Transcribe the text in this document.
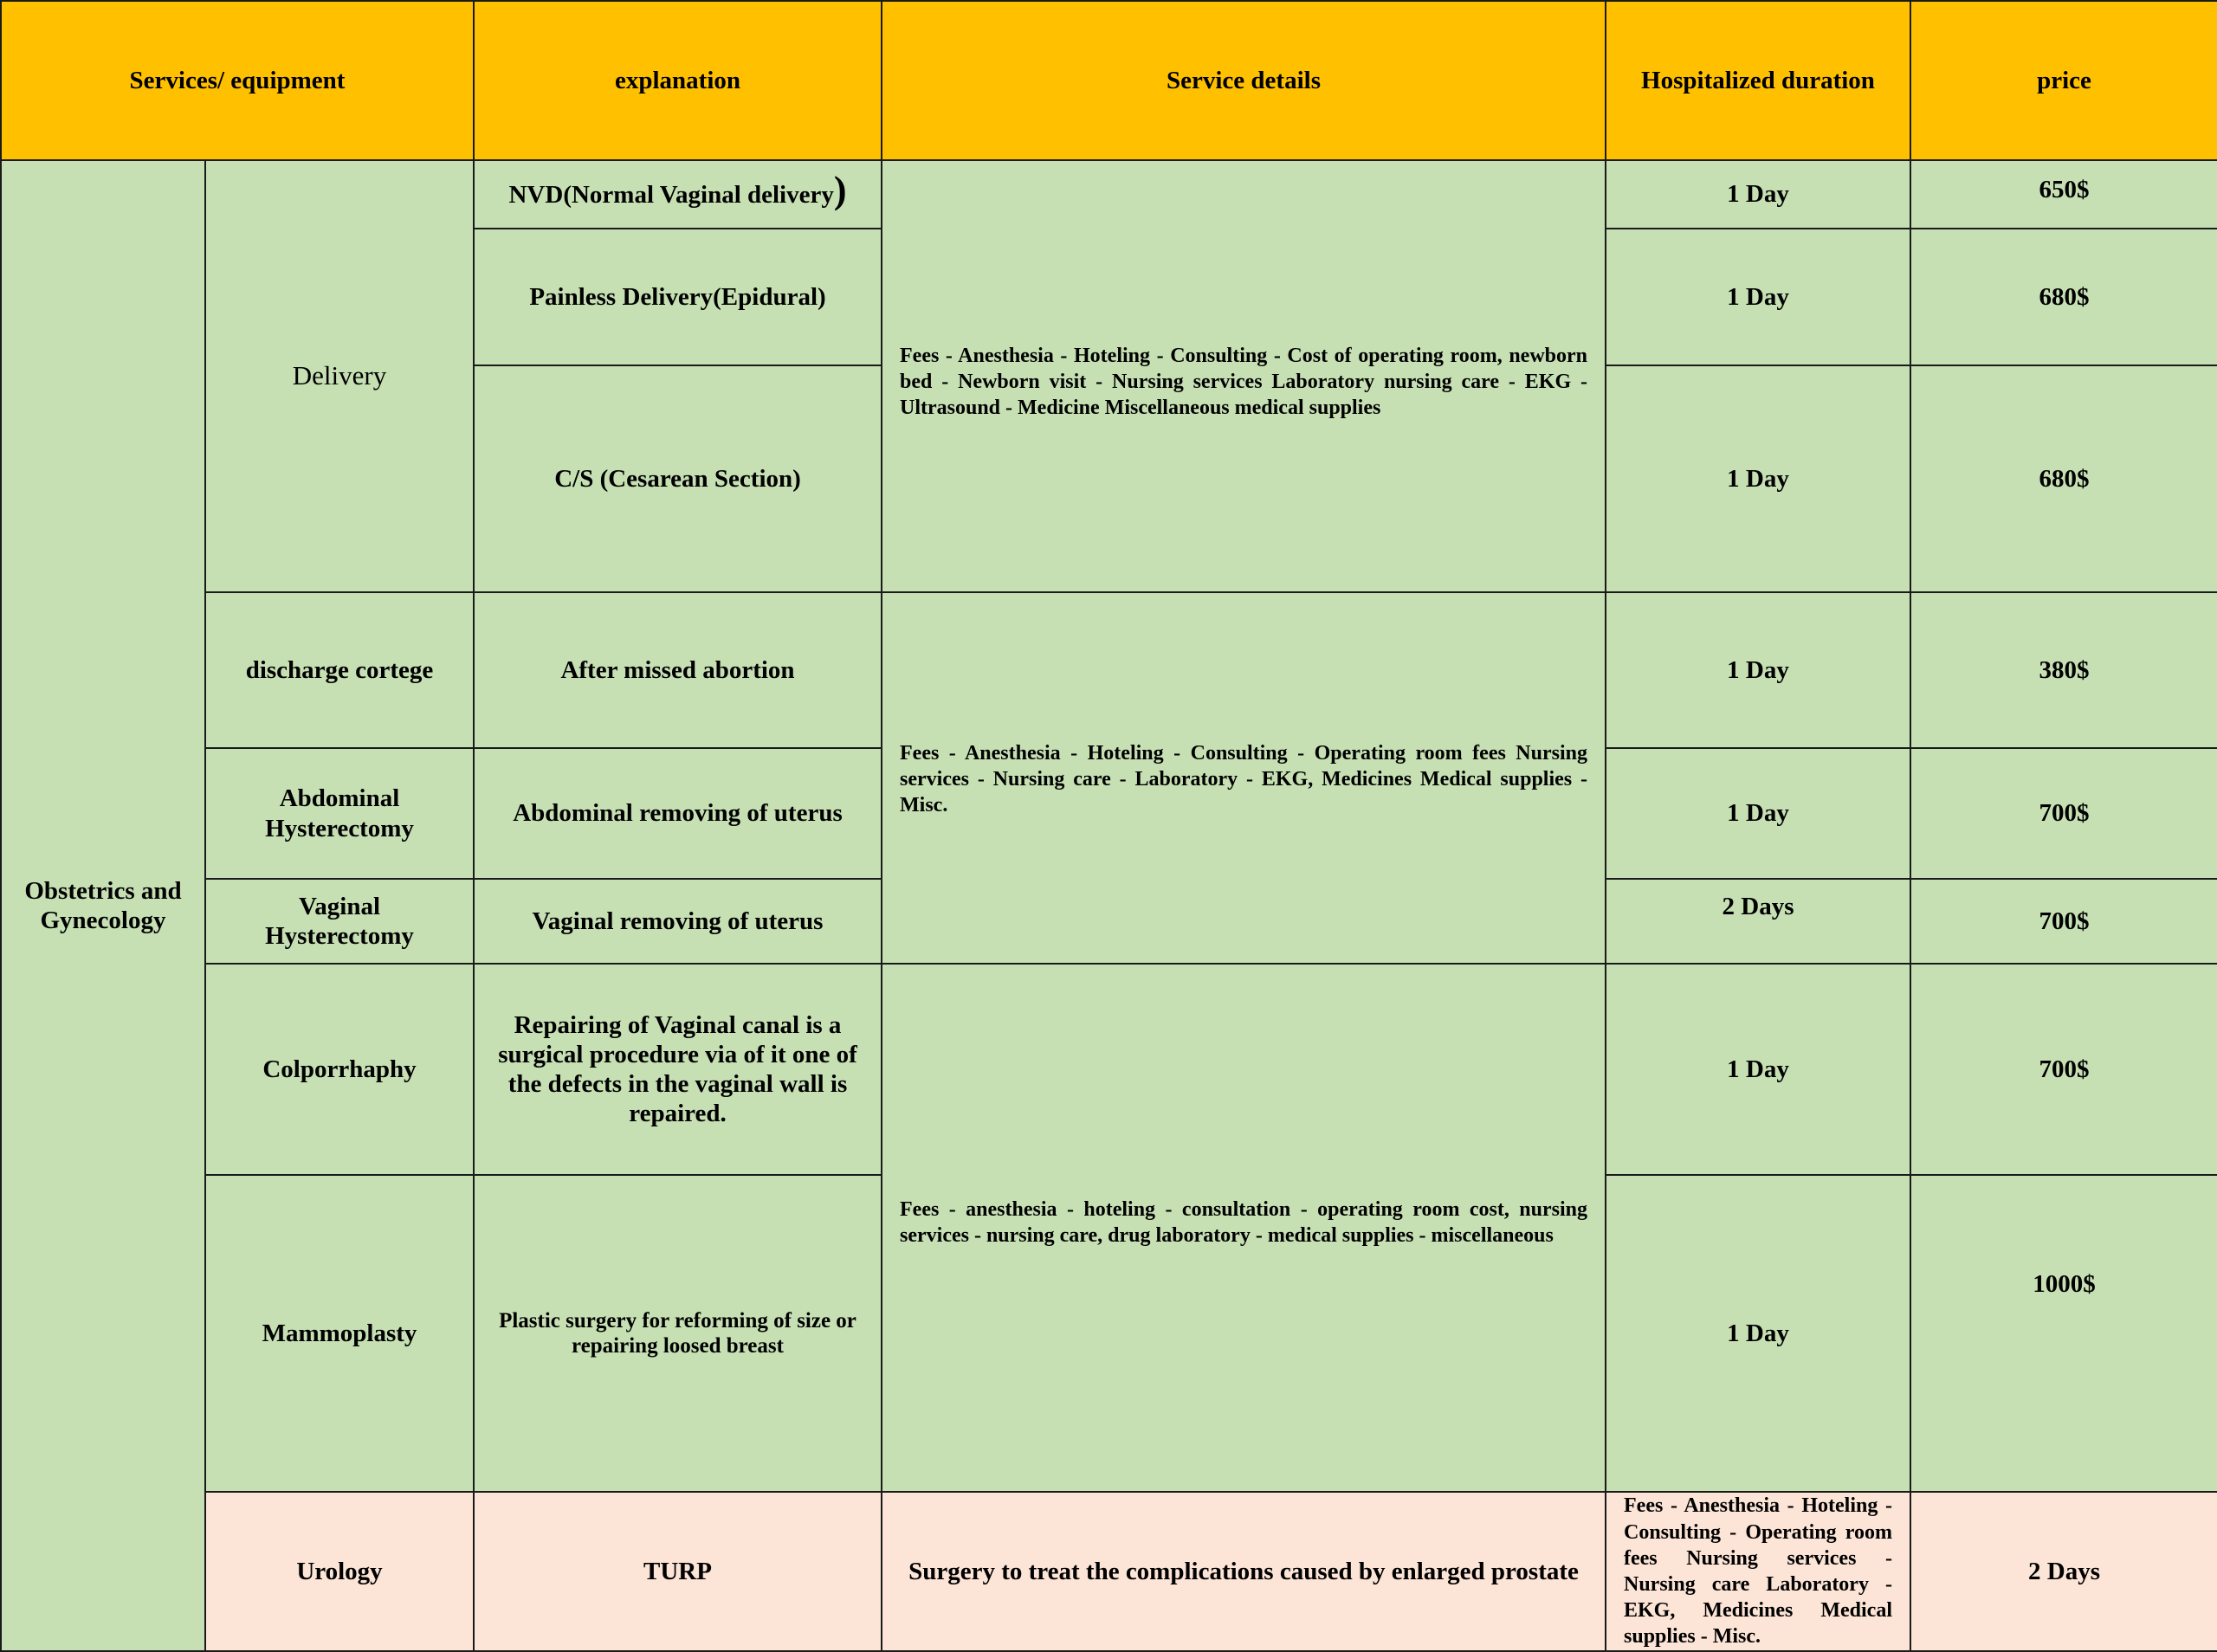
Services/ equipment		explanation	Service details	Hospitalized duration	price	
Obstetrics and Gynecology	Delivery	NVD(Normal Vaginal delivery)	Fees - Anesthesia - Hoteling - Consulting - Cost of operating room, newborn bed - Newborn visit - Nursing services Laboratory nursing care - EKG - Ultrasound - Medicine Miscellaneous medical supplies	1 Day	650$	
		Painless Delivery(Epidural)		1 Day	680$	
		C/S (Cesarean Section)		1 Day	680$	
	discharge cortege	After missed abortion	Fees - Anesthesia - Hoteling - Consulting - Operating room fees Nursing services - Nursing care - Laboratory - EKG, Medicines Medical supplies - Misc.	1 Day	380$	
	Abdominal Hysterectomy	Abdominal removing of uterus		1 Day	700$	
	Vaginal Hysterectomy	Vaginal removing of uterus		2 Days	700$	
	Colporrhaphy	Repairing of Vaginal canal is a surgical procedure via of it one of the defects in the vaginal wall is repaired.	Fees - anesthesia - hoteling - consultation - operating room cost, nursing services - nursing care, drug laboratory - medical supplies - miscellaneous	1 Day	700$	
	Mammoplasty	Plastic surgery for reforming of size or repairing loosed breast		1 Day	1000$	
	Urology	TURP	Surgery to treat the complications caused by enlarged prostate	Fees - Anesthesia - Hoteling - Consulting - Operating room fees Nursing services - Nursing care Laboratory - EKG, Medicines Medical supplies - Misc.	2 Days	
